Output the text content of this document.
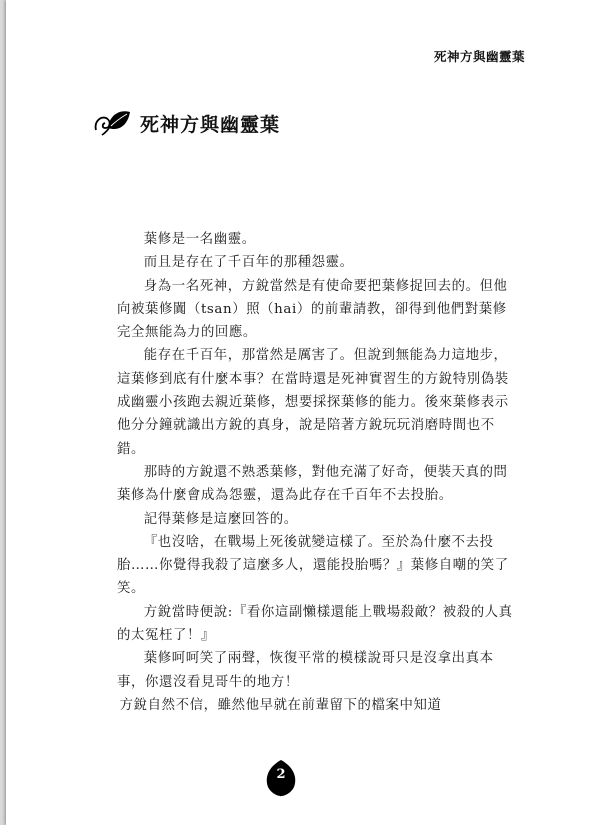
死神方與幽靈葉
死神方與幽靈葉

葉修是一名幽靈。

而且是存在了千百年的那種怨靈。

身為一名死神，方銳當然是有使命要把葉修捉回去的。但他向被葉修闐（tsan）照（hai）的前輩請教，卻得到他們對葉修完全無能為力的回應。

能存在千百年，那當然是厲害了。但說到無能為力這地步，這葉修到底有什麼本事？在當時還是死神實習生的方銳特別偽裝成幽靈小孩跑去親近葉修，想要採探葉修的能力。後來葉修表示他分分鐘就識出方銳的真身，說是陪著方銳玩玩消磨時間也不錯。

那時的方銳還不熟悉葉修，對他充滿了好奇，便裝天真的問葉修為什麼會成為怨靈，還為此存在千百年不去投胎。

記得葉修是這麼回答的。

『也沒啥，在戰場上死後就變這樣了。至於為什麼不去投胎……你覺得我殺了這麼多人，還能投胎嗎？』葉修自嘲的笑了笑。

方銳當時便說:『看你這副懶樣還能上戰場殺敵？被殺的人真的太冤枉了！』

葉修呵呵笑了兩聲，恢復平常的模樣說哥只是沒拿出真本事，你還沒看見哥牛的地方！

方銳自然不信，雖然他早就在前輩留下的檔案中知道

2
